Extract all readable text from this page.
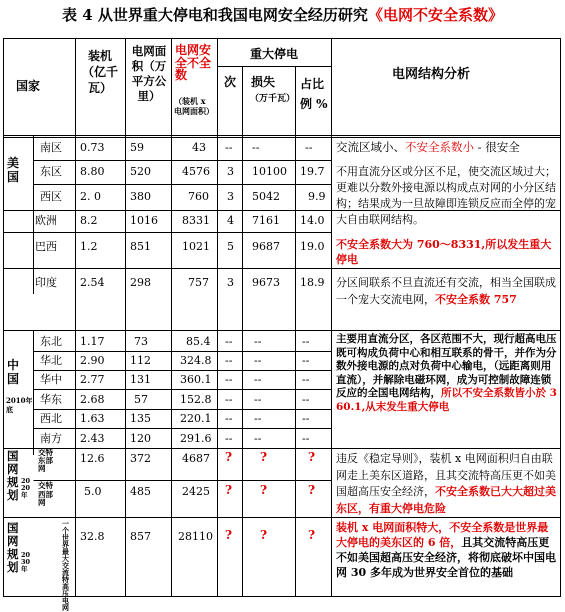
表 4 从世界重大停电和我国电网安全经历研究《电网不安全系数》
国家
装机（亿千瓦）
电网面积（万平方公里）
电网安全不全数
（装机 x 电网面积）
重大停电
次 损失
（万千瓦）
占比例 %
电网结构分析
美国
中国
2010年底
国网规划
2020年
国网规划
2030年
南区
东区
西区
欧洲
巴西
印度
东北
华北
华中
华东
西北
南方
交特东部网
交特西部网
一个世界最大交流特高压电网
0.73
8.80
2. 0
8.2
1.2
2.54
1.17
2.90
2.77
2.68
1.63
2.43
12.6
5.0
32.8
59
520
380
1016
851
298
73
112
131
57
135
120
372
485
857
43
4576
760
8331
1021
757
85.4
324.8
360.1
152.8
220.1
291.6
4687
2425
28110
--
3
3
4
5
3
--
--
--
--
--
--
?
?
?
--
10100
5042
7161
9687
9673
--
--
--
--
--
--
?
?
?
--
19.7
9.9
14.0
19.0
18.9
--
--
--
--
--
--
?
?
?
交流区域小、不安全系数小 - 很安全
不用直流分区或分区不足，使交流区域过大；更难以分数外接电源以构成点对网的小分区结构；结果成为一旦故障即连锁反应而全停的宠大自由联网结构。
不安全系数大为 760～8331,所以发生重大停电
分区间联系不旦直流还有交流，相当全国联成一个宠大交流电网，不安全系数 757
主要用直流分区，各区范围不大，现行超高电压既可构成负荷中心和相互联系的骨干，并作为分数外接电源的点对负荷中心输电，（远距离则用直流），并解除电磁环网，成为可控制故障连锁反应的全国电网结构，所以不安全系数皆小於 360.1,从末发生重大停电
违反《稳定导则》，装机 x 电网面积归自由联网走上美东区道路，且其交流特高压更不如美国超高压安全经济，不安全系数已大大超过美东区，有重大停电危险
装机 x 电网面积特大，不安全系数是世界最大停电的美东区的 6 倍，且其交流特高压更不如美国超高压安全经济，将彻底破坏中国电网 30 多年成为世界安全首位的基础
